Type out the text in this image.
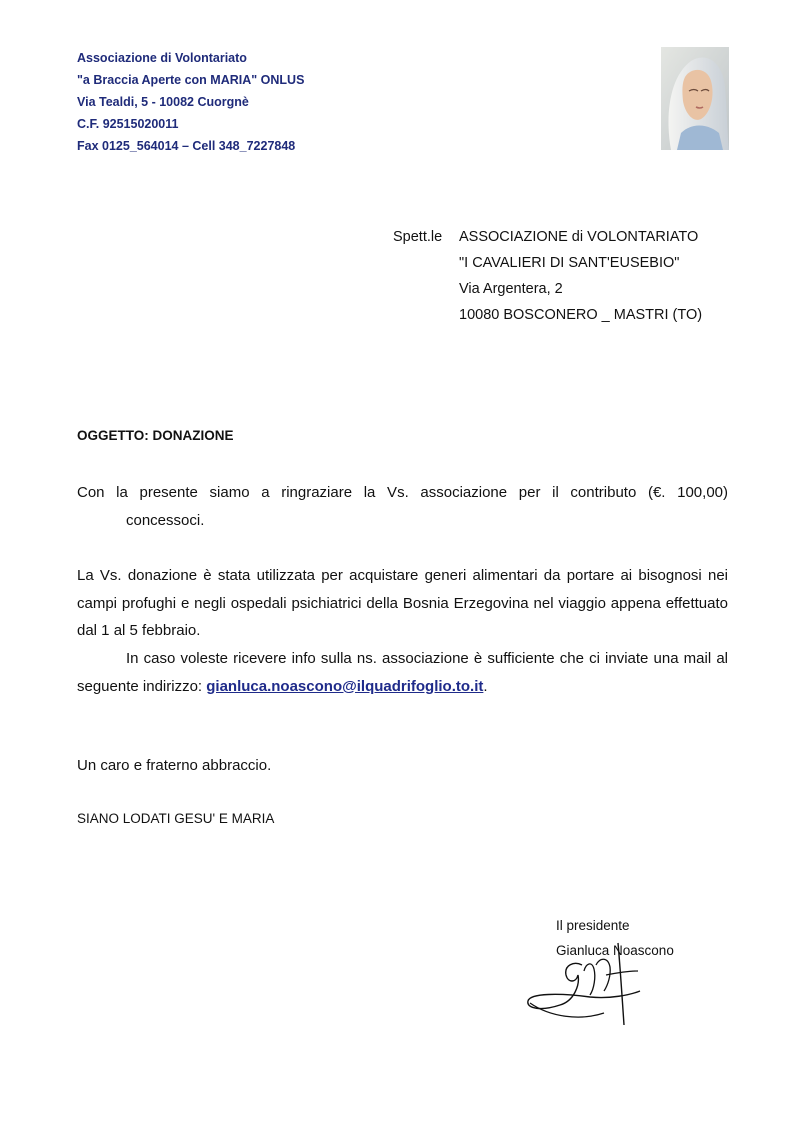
Associazione di Volontariato
"a Braccia Aperte con MARIA" ONLUS
Via Tealdi, 5 - 10082 Cuorgnè
C.F. 92515020011
Fax 0125_564014 – Cell 348_7227848
Spett.le ASSOCIAZIONE di VOLONTARIATO
"I CAVALIERI DI SANT'EUSEBIO"
Via Argentera, 2
10080 BOSCONERO _ MASTRI (TO)
OGGETTO: DONAZIONE
Con la presente siamo a ringraziare la Vs. associazione per il contributo (€. 100,00)
concessoci.
La Vs. donazione è stata utilizzata per acquistare generi alimentari da portare ai bisognosi nei campi profughi e negli ospedali psichiatrici della Bosnia Erzegovina nel viaggio appena effettuato dal 1 al 5 febbraio.
In caso voleste ricevere info sulla ns. associazione è sufficiente che ci inviate una mail al seguente indirizzo: gianluca.noascono@ilquadrifoglio.to.it.
Un caro e fraterno abbraccio.
SIANO LODATI GESU' E MARIA
Il presidente
Gianluca Noascono
